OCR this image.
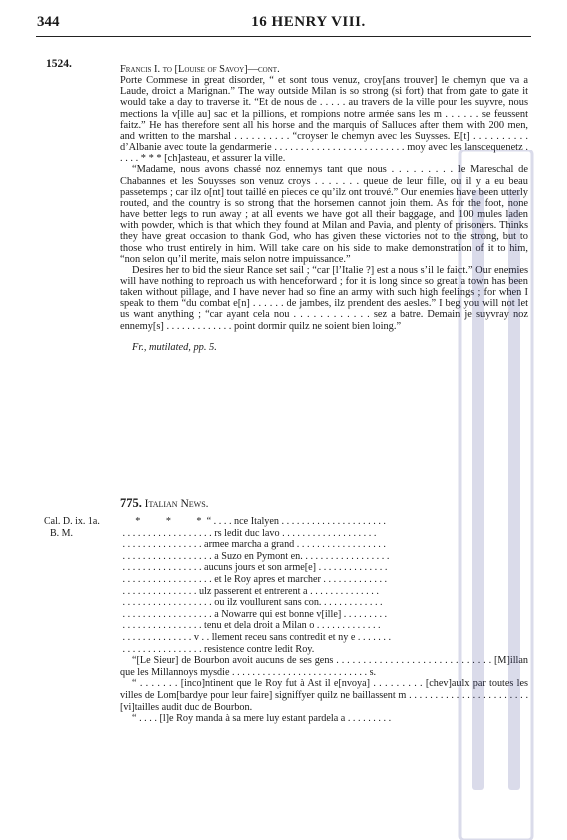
344	16 HENRY VIII.
1524.	Francis I. to [Louise of Savoy]—cont.

Porte Commese in great disorder, “ et sont tous venuz, croy[ans trouver] le chemyn que va a Laude, droict a Marignan.” The way outside Milan is so strong (si fort) that from gate to gate it would take a day to traverse it. “Et de nous de . . . . . au travers de la ville pour les suyvre, nous mections la v[ille au] sac et la pillions, et rompions notre armée sans les m . . . . . . se feussent faitz.” He has therefore sent all his horse and the marquis of Salluces after them with 200 men, and written to the marshal . . . . . . . . . . “croyser le chemyn avec les Suysses. E[t] . . . . . . . . . . d’Albanie avec toute la gendarmerie . . . . . . . . . . . . . . . . . . . . . . . . . moy avec les lanscequenetz . . . . . * * * [ch]asteau, et assurer la ville.

“Madame, nous avons chassé noz ennemys tant que nous . . . . . . . . . le Mareschal de Chabannes et les Souysses son venuz croys . . . . . . . queue de leur fille, ou il y a eu beau passetemps ; car ilz o[nt] tout taillé en pieces ce qu’ilz ont trouvé.” Our enemies have been utterly routed, and the country is so strong that the horsemen cannot join them. As for the foot, none have better legs to run away ; at all events we have got all their baggage, and 100 mules laden with powder, which is that which they found at Milan and Pavia, and plenty of prisoners. Thinks they have great occasion to thank God, who has given these victories not to the strong, but to those who trust entirely in him. Will take care on his side to make demonstration of it to him, “non selon qu’il merite, mais selon notre impuissance.”

Desires her to bid the sieur Rance set sail ; “car [l’Italie ?] est a nous s’il le faict.” Our enemies will have nothing to reproach us with henceforward ; for it is long since so great a town has been taken without pillage, and I have never had so fine an army with such high feelings ; for when I speak to them “du combat e[n] . . . . . . de jambes, ilz prendent des aesles.” I beg you will not let us want anything ; “car ayant cela nou . . . . . . . . . . . . sez a batre. Demain je suyvray noz ennemy[s] . . . . . . . . . . . . . point dormir quilz ne soient bien loing.”

Fr., mutilated, pp. 5.

775. Italian News.
Cal. D. ix. 1a.
B. M.

*          *          *  “ . . . . nce Italyen . . . . . . . . . . . . . . . . . . . . .

. . . . . . . . . . . . . . . . . . rs ledit duc lavo . . . . . . . . . . . . . . . . . . .

. . . . . . . . . . . . . . . . armee marcha a grand . . . . . . . . . . . . . . . . . .

. . . . . . . . . . . . . . . . . . a Suzo en Pymont en. . . . . . . . . . . . . . . . . .

. . . . . . . . . . . . . . . . aucuns jours et son arme[e] . . . . . . . . . . . . . .

. . . . . . . . . . . . . . . . . . et le Roy apres et marcher . . . . . . . . . . . . .

. . . . . . . . . . . . . . . ulz passerent et entrerent a . . . . . . . . . . . . . .

. . . . . . . . . . . . . . . . . . ou ilz voullurent sans con. . . . . . . . . . . . .

. . . . . . . . . . . . . . . . . . a Nowarre qui est bonne v[ille] . . . . . . . . .

. . . . . . . . . . . . . . . . tenu et dela droit a Milan o . . . . . . . . . . . . .

. . . . . . . . . . . . . . v . . llement receu sans contredit et ny e . . . . . . .

. . . . . . . . . . . . . . . . resistence contre ledit Roy.

“[Le Sieur] de Bourbon avoit aucuns de ses gens . . . . . . . . . . . . . . . . . . . . . . . . . . . . . [M]illan que les Millannoys mysdie . . . . . . . . . . . . . . . . . . . . . . . . . . . s.

“ . . . . . . . [inco]ntinent que le Roy fut à Ast il e[nvoya] . . . . . . . . . [chev]aulx par toutes les villes de Lom[bardye pour leur faire] signiffyer quilz ne baillassent m . . . . . . . . . . . . . . . . . . . . . . . [vi]tailles audit duc de Bourbon.

“ . . . . [l]e Roy manda à sa mere luy estant pardela a . . . . . . . . .
